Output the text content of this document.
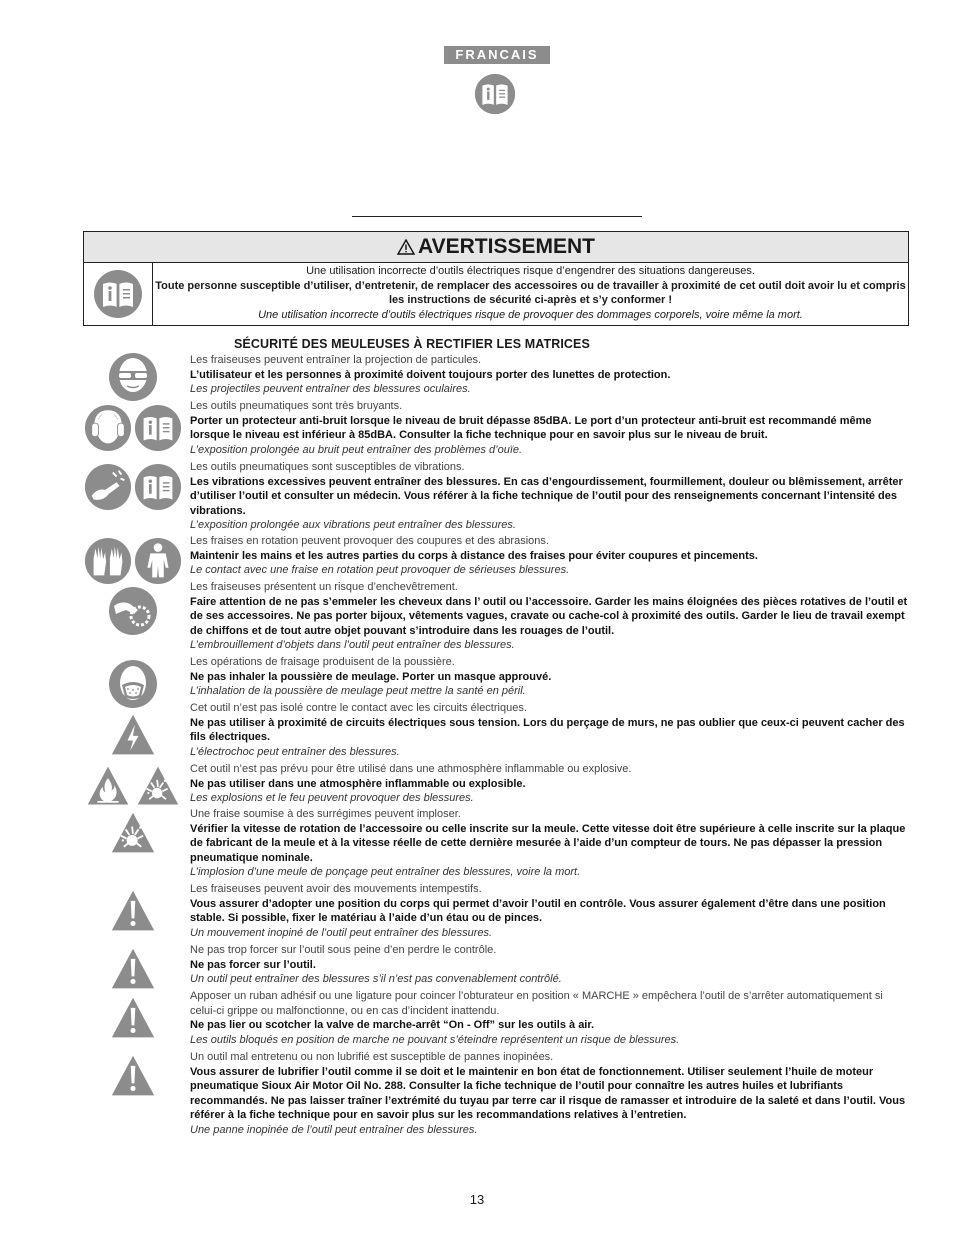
FRANCAIS
AVERTISSEMENT

Une utilisation incorrecte d’outils électriques risque d’engendrer des situations dangereuses.

Toute personne susceptible d’utiliser, d’entretenir, de remplacer des accessoires ou de travailler à proximité de cet outil doit avoir lu et compris les instructions de sécurité ci-après et s’y conformer !

Une utilisation incorrecte d’outils électriques risque de provoquer des dommages corporels, voire même la mort.

SÉCURITÉ DES MEULEUSES À RECTIFIER LES MATRICES

Les fraiseuses peuvent entraîner la projection de particules.

L’utilisateur et les personnes à proximité doivent toujours porter des lunettes de protection.

Les projectiles peuvent entraîner des blessures oculaires.

Les outils pneumatiques sont très bruyants.

Porter un protecteur anti-bruit lorsque le niveau de bruit dépasse 85dBA. Le port d’un protecteur anti-bruit est recommandé même lorsque le niveau est inférieur à 85dBA. Consulter la fiche technique pour en savoir plus sur le niveau de bruit.

L’exposition prolongée au bruit peut entraîner des problèmes d’ouïe.

Les outils pneumatiques sont susceptibles de vibrations.

Les vibrations excessives peuvent entraîner des blessures. En cas d’engourdissement, fourmillement, douleur ou blêmissement, arrêter d’utiliser l’outil et consulter un médecin. Vous référer à la fiche technique de l’outil pour des renseignements concernant l’intensité des vibrations.

L’exposition prolongée aux vibrations peut entraîner des blessures.

Les fraises en rotation peuvent provoquer des coupures et des abrasions.

Maintenir les mains et les autres parties du corps à distance des fraises pour éviter coupures et pincements.

Le contact avec une fraise en rotation peut provoquer de sérieuses blessures.

Les fraiseuses présentent un risque d’enchevêtrement.

Faire attention de ne pas s’emmeler les cheveux dans l’ outil ou l’accessoire. Garder les mains éloignées des pièces rotatives de l’outil et de ses accessoires. Ne pas porter bijoux, vêtements vagues, cravate ou cache-col à proximité des outils. Garder le lieu de travail exempt de chiffons et de tout autre objet pouvant s’introduire dans les rouages de l’outil.

L’embrouillement d’objets dans l’outil peut entraîner des blessures.

Les opérations de fraisage produisent de la poussière.

Ne pas inhaler la poussière de meulage. Porter un masque approuvé.

L’inhalation de la poussière de meulage peut mettre la santé en péril.

Cet outil n’est pas isolé contre le contact avec les circuits électriques.

Ne pas utiliser à proximité de circuits électriques sous tension. Lors du perçage de murs, ne pas oublier que ceux-ci peuvent cacher des fils électriques.

L’électrochoc peut entraîner des blessures.

Cet outil n’est pas prévu pour être utilisé dans une athmosphère inflammable ou explosive.

Ne pas utiliser dans une atmosphère inflammable ou explosible.

Les explosions et le feu peuvent provoquer des blessures.

Une fraise soumise à des surrégimes peuvent imploser.

Vérifier la vitesse de rotation de l’accessoire ou celle inscrite sur la meule. Cette vitesse doit être supérieure à celle inscrite sur la plaque de fabricant de la meule et à la vitesse réelle de cette dernière mesurée à l’aide d’un compteur de tours. Ne pas dépasser la pression pneumatique nominale.

L’implosion d’une meule de ponçage peut entraîner des blessures, voire la mort.

Les fraiseuses peuvent avoir des mouvements intempestifs.

Vous assurer d’adopter une position du corps qui permet d’avoir l’outil en contrôle. Vous assurer également d’être dans une position stable. Si possible, fixer le matériau à l’aide d’un étau ou de pinces.

Un mouvement inopiné de l’outil peut entraîner des blessures.

Ne pas trop forcer sur l’outil sous peine d’en perdre le contrôle.

Ne pas forcer sur l’outil.

Un outil peut entraîner des blessures s’il n’est pas convenablement contrôlé.

Apposer un ruban adhésif ou une ligature pour coincer l’obturateur en position « MARCHE » empêchera l’outil de s’arrêter automatiquement si celui-ci grippe ou malfonctionne, ou en cas d’incident inattendu.

Ne pas lier ou scotcher la valve de marche-arrêt “On - Off” sur les outils à air.

Les outils bloqués en position de marche ne pouvant s’éteindre représentent un risque de blessures.

Un outil mal entretenu ou non lubrifié est susceptible de pannes inopinées.

Vous assurer de lubrifier l’outil comme il se doit et le maintenir en bon état de fonctionnement. Utiliser seulement l’huile de moteur pneumatique Sioux Air Motor Oil No. 288. Consulter la fiche technique de l’outil pour connaître les autres huiles et lubrifiants recommandés. Ne pas laisser traîner l’extrémité du tuyau par terre car il risque de ramasser et introduire de la saleté et dans l’outil. Vous référer à la fiche technique pour en savoir plus sur les recommandations relatives à l’entretien.

Une panne inopinée de l’outil peut entraîner des blessures.

13
